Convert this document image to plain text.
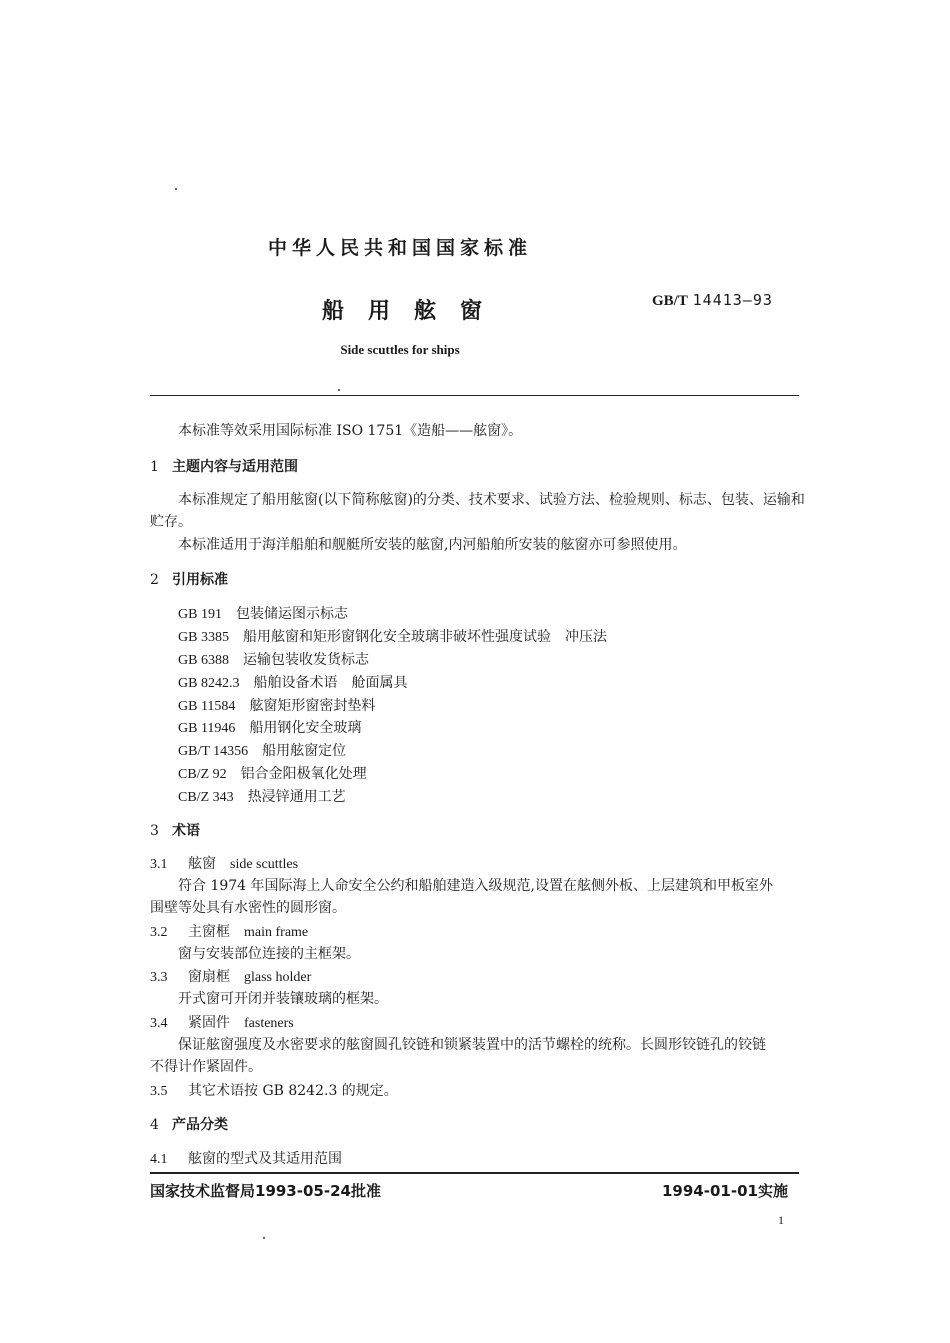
中华人民共和国国家标准
船用舷窗	GB/T 14413—93
Side scuttles for ships
本标准等效采用国际标准 ISO 1751《造船——舷窗》。
1 主题内容与适用范围
本标准规定了船用舷窗(以下简称舷窗)的分类、技术要求、试验方法、检验规则、标志、包装、运输和
贮存。
本标准适用于海洋船舶和舰艇所安装的舷窗,内河船舶所安装的舷窗亦可参照使用。
2 引用标准
GB 191 包装储运图示标志
GB 3385 船用舷窗和矩形窗钢化安全玻璃非破坏性强度试验　冲压法
GB 6388 运输包装收发货标志
GB 8242.3 船舶设备术语　舱面属具
GB 11584 舷窗矩形窗密封垫料
GB 11946 船用钢化安全玻璃
GB/T 14356 船用舷窗定位
CB/Z 92 铝合金阳极氧化处理
CB/Z 343 热浸锌通用工艺
3 术语
3.1 舷窗 side scuttles
符合 1974 年国际海上人命安全公约和船舶建造入级规范,设置在舷侧外板、上层建筑和甲板室外
围壁等处具有水密性的圆形窗。
3.2 主窗框 main frame
窗与安装部位连接的主框架。
3.3 窗扇框 glass holder
开式窗可开闭并装镶玻璃的框架。
3.4 紧固件 fasteners
保证舷窗强度及水密要求的舷窗圆孔铰链和锁紧装置中的活节螺栓的统称。长圆形铰链孔的铰链
不得计作紧固件。
3.5 其它术语按 GB 8242.3 的规定。
4 产品分类
4.1 舷窗的型式及其适用范围
国家技术监督局1993-05-24批准	1994-01-01实施
1
